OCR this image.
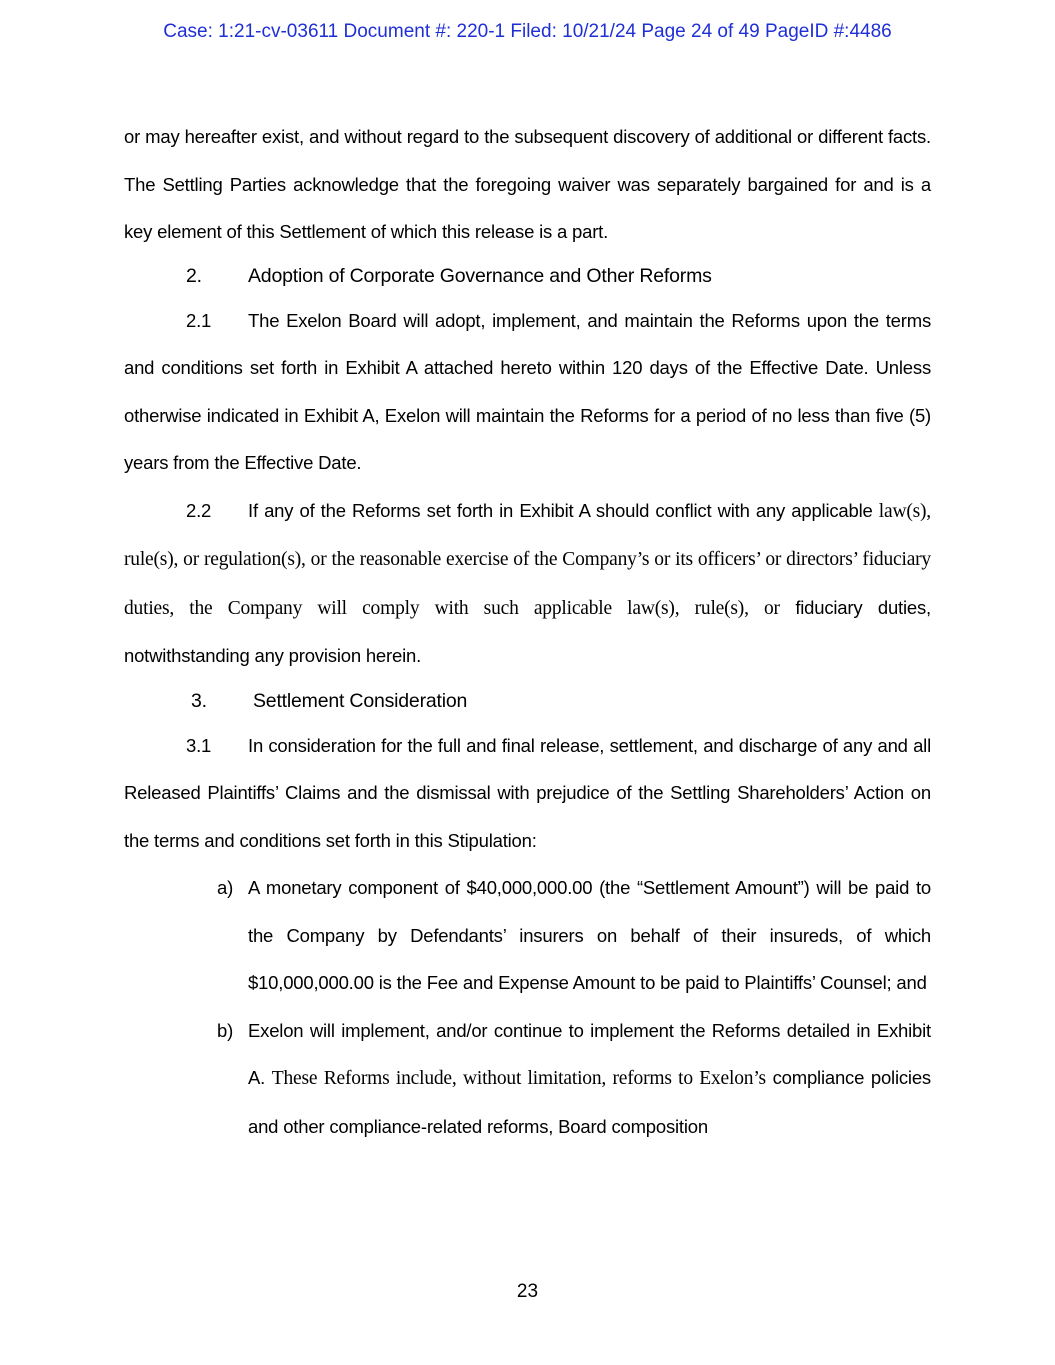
Case: 1:21-cv-03611 Document #: 220-1 Filed: 10/21/24 Page 24 of 49 PageID #:4486

or may hereafter exist, and without regard to the subsequent discovery of additional or different facts. The Settling Parties acknowledge that the foregoing waiver was separately bargained for and is a key element of this Settlement of which this release is a part.

2. Adoption of Corporate Governance and Other Reforms

2.1 The Exelon Board will adopt, implement, and maintain the Reforms upon the terms and conditions set forth in Exhibit A attached hereto within 120 days of the Effective Date. Unless otherwise indicated in Exhibit A, Exelon will maintain the Reforms for a period of no less than five (5) years from the Effective Date.

2.2 If any of the Reforms set forth in Exhibit A should conflict with any applicable law(s), rule(s), or regulation(s), or the reasonable exercise of the Company’s or its officers’ or directors’ fiduciary duties, the Company will comply with such applicable law(s), rule(s), or fiduciary duties, notwithstanding any provision herein.

3. Settlement Consideration

3.1 In consideration for the full and final release, settlement, and discharge of any and all Released Plaintiffs’ Claims and the dismissal with prejudice of the Settling Shareholders’ Action on the terms and conditions set forth in this Stipulation:

a) A monetary component of $40,000,000.00 (the “Settlement Amount”) will be paid to the Company by Defendants’ insurers on behalf of their insureds, of which $10,000,000.00 is the Fee and Expense Amount to be paid to Plaintiffs’ Counsel; and
b) Exelon will implement, and/or continue to implement the Reforms detailed in Exhibit A. These Reforms include, without limitation, reforms to Exelon’s compliance policies and other compliance-related reforms, Board composition
23
